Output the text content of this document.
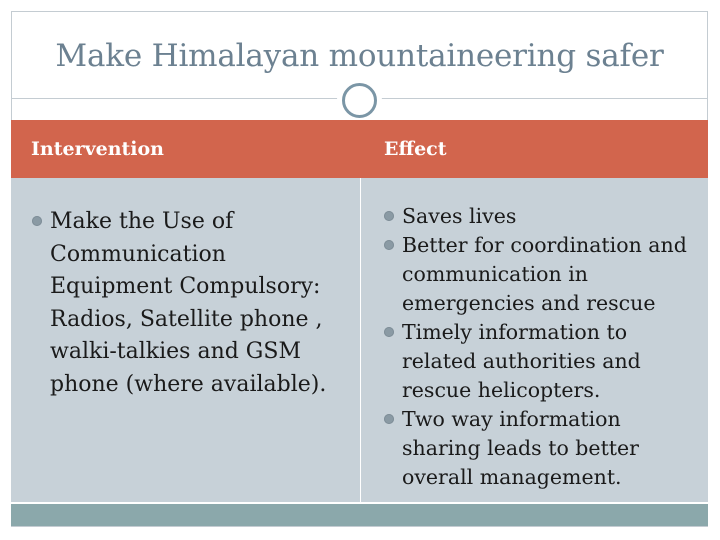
Make Himalayan mountaineering safer
Intervention	Effect
Make the Use of Communication Equipment Compulsory: Radios, Satellite phone , walki-talkies and GSM phone (where available).
Saves lives
Better for coordination and communication in emergencies and rescue
Timely information to related authorities and rescue helicopters.
Two way information sharing leads to better overall management.
